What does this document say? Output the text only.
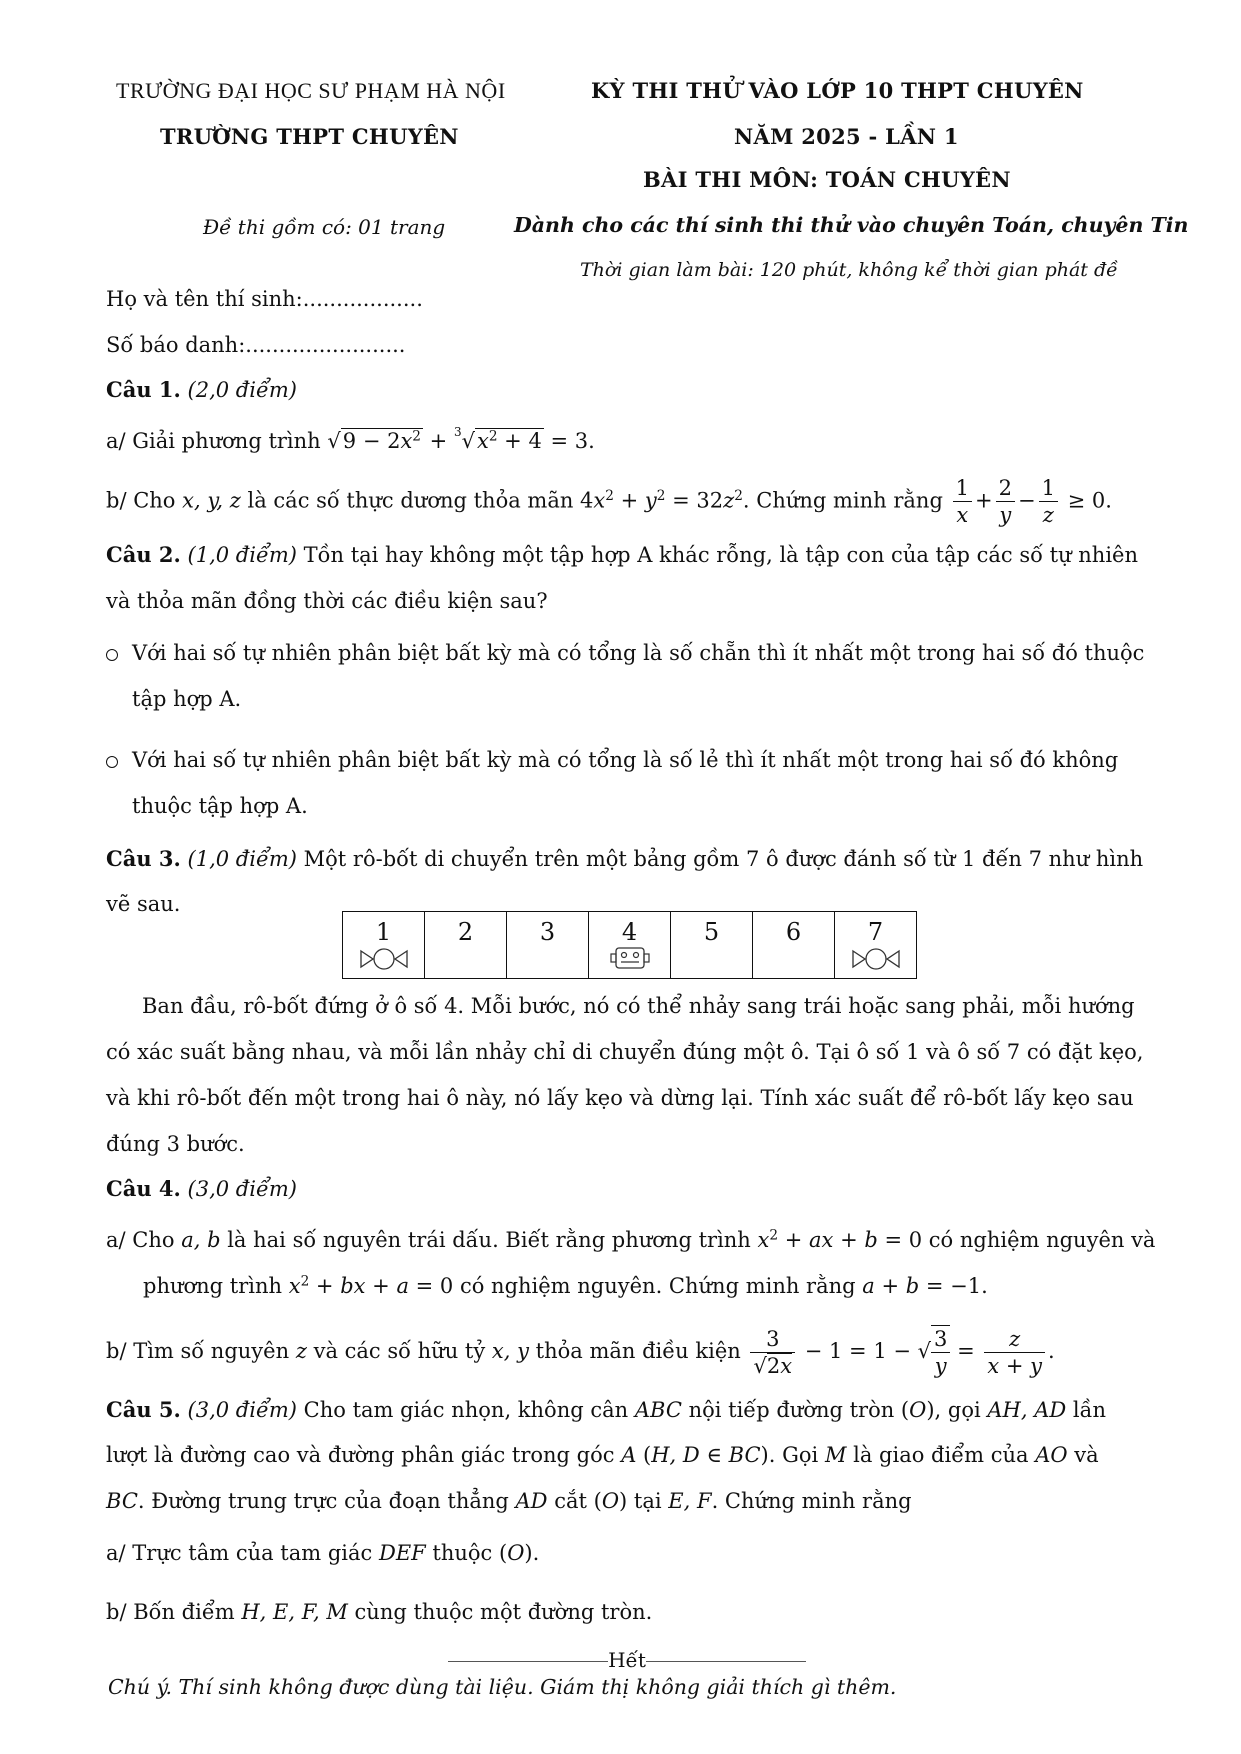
TRƯỜNG ĐẠI HỌC SƯ PHẠM HÀ NỘI
TRƯỜNG THPT CHUYÊN
KỲ THI THỬ VÀO LỚP 10 THPT CHUYÊN
NĂM 2025 - LẦN 1
BÀI THI MÔN: TOÁN CHUYÊN
Đề thi gồm có: 01 trang	Dành cho các thí sinh thi thử vào chuyên Toán, chuyên Tin
Thời gian làm bài: 120 phút, không kể thời gian phát đề
Họ và tên thí sinh:..................
Số báo danh:........................
Câu 1. (2,0 điểm)
a/ Giải phương trình $√9 - 2x^2 + ^3√x^2 + 4 = 3$.
b/ Cho x, y, z là các số thực dương thỏa mãn $4x^2 + y^2 = 32z^2$. Chứng minh rằng $\frac{1}{x} + \frac{2}{y} - \frac{1}{z} \ge 0$.
Câu 2. (1,0 điểm) Tồn tại hay không một tập hợp A khác rỗng, là tập con của tập các số tự nhiên
và thỏa mãn đồng thời các điều kiện sau?
Với hai số tự nhiên phân biệt bất kỳ mà có tổng là số chẵn thì ít nhất một trong hai số đó thuộc
tập hợp A.
Với hai số tự nhiên phân biệt bất kỳ mà có tổng là số lẻ thì ít nhất một trong hai số đó không
thuộc tập hợp A.
Câu 3. (1,0 điểm) Một rô-bốt di chuyển trên một bảng gồm 7 ô được đánh số từ 1 đến 7 như hình
vẽ sau.
1	2	3	4	5	6	7
Ban đầu, rô-bốt đứng ở ô số 4. Mỗi bước, nó có thể nhảy sang trái hoặc sang phải, mỗi hướng
có xác suất bằng nhau, và mỗi lần nhảy chỉ di chuyển đúng một ô. Tại ô số 1 và ô số 7 có đặt kẹo,
và khi rô-bốt đến một trong hai ô này, nó lấy kẹo và dừng lại. Tính xác suất để rô-bốt lấy kẹo sau
đúng 3 bước.
Câu 4. (3,0 điểm)
a/ Cho a, b là hai số nguyên trái dấu. Biết rằng phương trình $x^2$ + ax + b = 0 có nghiệm nguyên và
phương trình $x^2$ + bx + a = 0 có nghiệm nguyên. Chứng minh rằng a + b = −1.
b/ Tìm số nguyên z và các số hữu tỷ x, y thỏa mãn điều kiện $\frac{3}{√2x} - 1 = 1$ − √ $\frac{3}{y} = \frac{z}{x + y}$ .
Câu 5. (3,0 điểm) Cho tam giác nhọn, không cân ABC nội tiếp đường tròn (O), gọi AH, AD lần
lượt là đường cao và đường phân giác trong góc A (H, D ∈ BC). Gọi M là giao điểm của AO và
BC. Đường trung trực của đoạn thẳng AD cắt (O) tại E, F. Chứng minh rằng
a/ Trực tâm của tam giác DEF thuộc (O).
b/ Bốn điểm H, E, F, M cùng thuộc một đường tròn.
Hết
Chú ý. Thí sinh không được dùng tài liệu. Giám thị không giải thích gì thêm.
